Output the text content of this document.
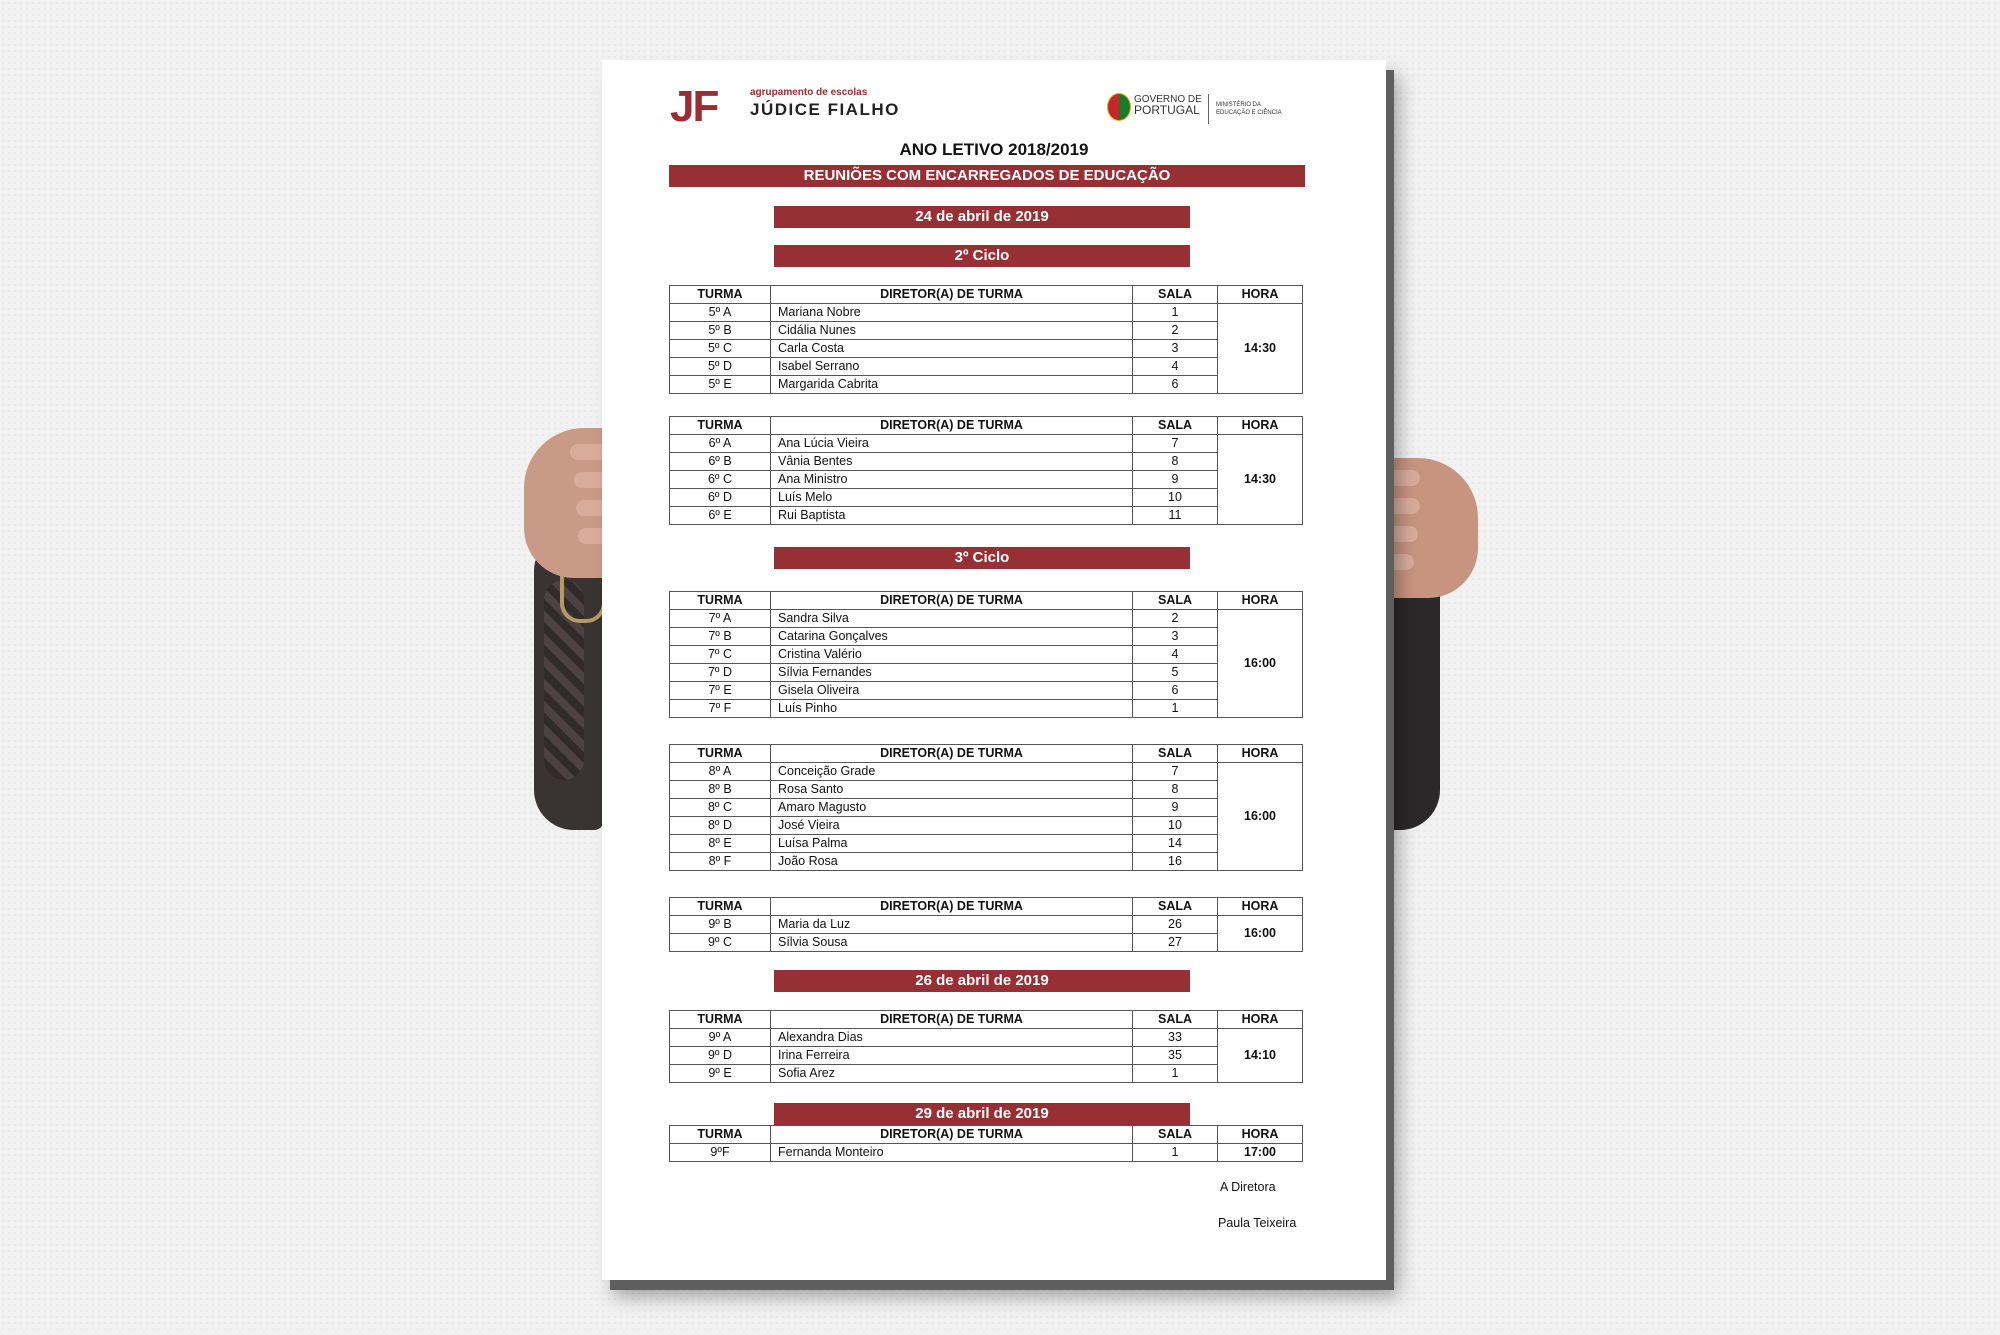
JF	agrupamento de escolas
JÚDICE FIALHO
GOVERNO DE
PORTUGAL	MINISTÉRIO DA EDUCAÇÃO E CIÊNCIA
ANO LETIVO 2018/2019
REUNIÕES COM ENCARREGADOS DE EDUCAÇÃO
24 de abril de 2019
2º Ciclo
TURMA	DIRETOR(A) DE TURMA	SALA	HORA
5º A	Mariana Nobre	1	14:30
5º B	Cidália Nunes	2	
5º C	Carla Costa	3	
5º D	Isabel Serrano	4	
5º E	Margarida Cabrita	6	
TURMA	DIRETOR(A) DE TURMA	SALA	HORA
6º A	Ana Lúcia Vieira	7	14:30
6º B	Vânia Bentes	8	
6º C	Ana Ministro	9	
6º D	Luís Melo	10	
6º E	Rui Baptista	11	
3º Ciclo
TURMA	DIRETOR(A) DE TURMA	SALA	HORA
7º A	Sandra Silva	2	16:00
7º B	Catarina Gonçalves	3	
7º C	Cristina Valério	4	
7º D	Sílvia Fernandes	5	
7º E	Gisela Oliveira	6	
7º F	Luís Pinho	1	
TURMA	DIRETOR(A) DE TURMA	SALA	HORA
8º A	Conceição Grade	7	16:00
8º B	Rosa Santo	8	
8º C	Amaro Magusto	9	
8º D	José Vieira	10	
8º E	Luísa Palma	14	
8º F	João Rosa	16	
TURMA	DIRETOR(A) DE TURMA	SALA	HORA
9º B	Maria da Luz	26	16:00
9º C	Sílvia Sousa	27	
26 de abril de 2019
TURMA	DIRETOR(A) DE TURMA	SALA	HORA
9º A	Alexandra Dias	33	14:10
9º D	Irina Ferreira	35	
9º E	Sofia Arez	1	
29 de abril de 2019
TURMA	DIRETOR(A) DE TURMA	SALA	HORA
9ºF	Fernanda Monteiro	1	17:00
A Diretora
Paula Teixeira
